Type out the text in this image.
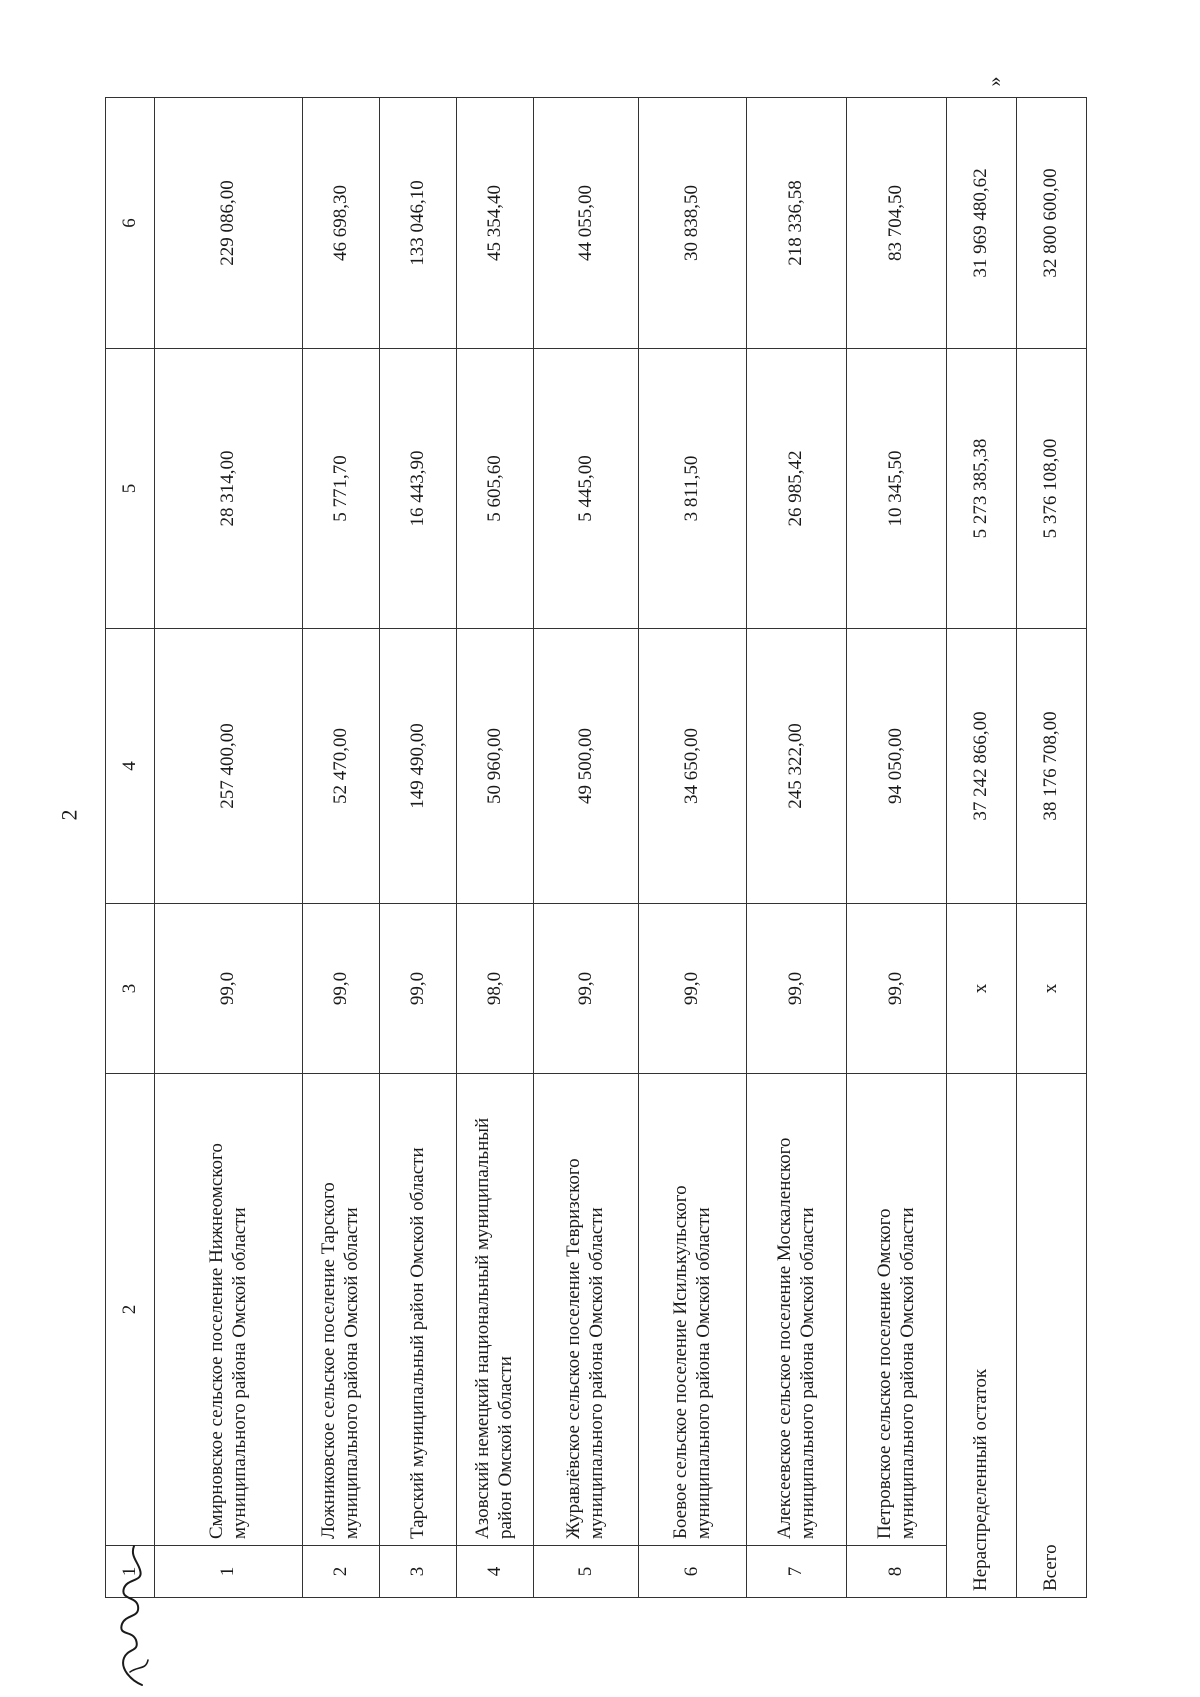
2
»
1	2	3	4	5	6
1	Смирновское сельское поселение Нижнеомского муниципального района Омской области	99,0	257 400,00	28 314,00	229 086,00
2	Ложниковское сельское поселение Тарского муниципального района Омской области	99,0	52 470,00	5 771,70	46 698,30
3	Тарский муниципальный район Омской области	99,0	149 490,00	16 443,90	133 046,10
4	Азовский немецкий национальный муниципальный район Омской области	98,0	50 960,00	5 605,60	45 354,40
5	Журавлёвское сельское поселение Тевризского муниципального района Омской области	99,0	49 500,00	5 445,00	44 055,00
6	Боевое сельское поселение Исилькульского муниципального района Омской области	99,0	34 650,00	3 811,50	30 838,50
7	Алексеевское сельское поселение Москаленского муниципального района Омской области	99,0	245 322,00	26 985,42	218 336,58
8	Петровское сельское поселение Омского муниципального района Омской области	99,0	94 050,00	10 345,50	83 704,50
Нераспределенный остаток		х	37 242 866,00	5 273 385,38	31 969 480,62
Всего		х	38 176 708,00	5 376 108,00	32 800 600,00
